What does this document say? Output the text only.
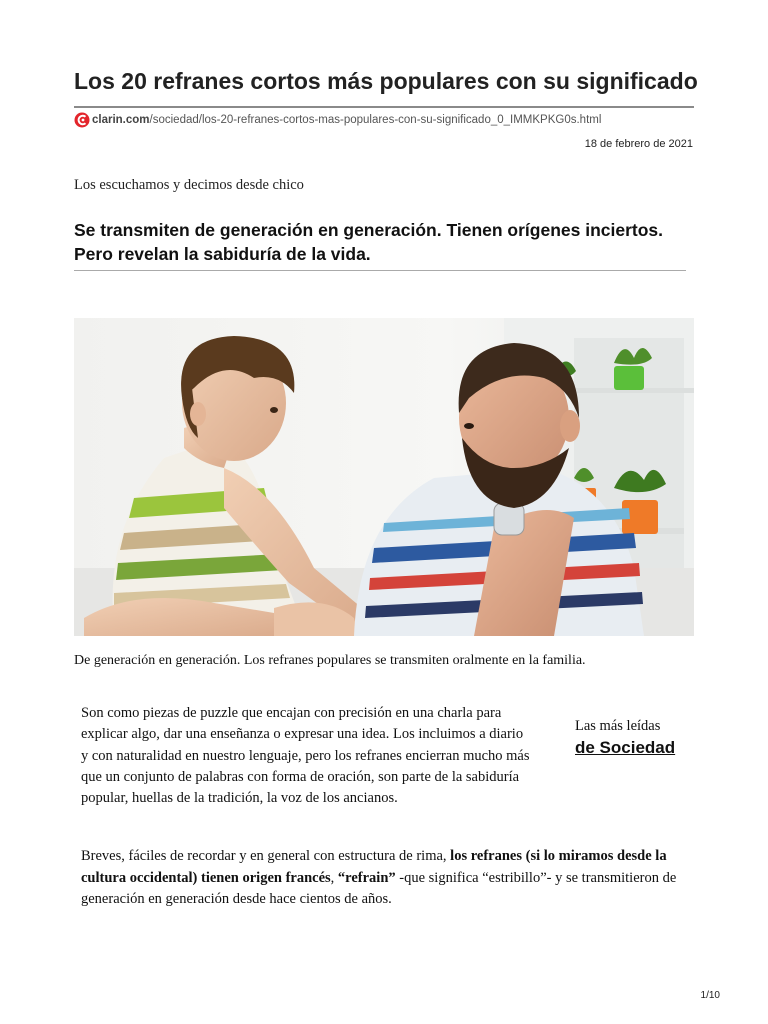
Los 20 refranes cortos más populares con su significado
clarin.com /sociedad/los-20-refranes-cortos-mas-populares-con-su-significado_0_IMMKPKG0s.html
18 de febrero de 2021
Los escuchamos y decimos desde chico

Se transmiten de generación en generación. Tienen orígenes inciertos. Pero revelan la sabiduría de la vida.

De generación en generación. Los refranes populares se transmiten oralmente en la familia.

Son como piezas de puzzle que encajan con precisión en una charla para explicar algo, dar una enseñanza o expresar una idea. Los incluimos a diario y con naturalidad en nuestro lenguaje, pero los refranes encierran mucho más que un conjunto de palabras con forma de oración, son parte de la sabiduría popular, huellas de la tradición, la voz de los ancianos.

Las más leídas
de Sociedad

Breves, fáciles de recordar y en general con estructura de rima, los refranes (si lo miramos desde la cultura occidental) tienen origen francés, “refrain” -que significa “estribillo”- y se transmitieron de generación en generación desde hace cientos de años.

1/10
